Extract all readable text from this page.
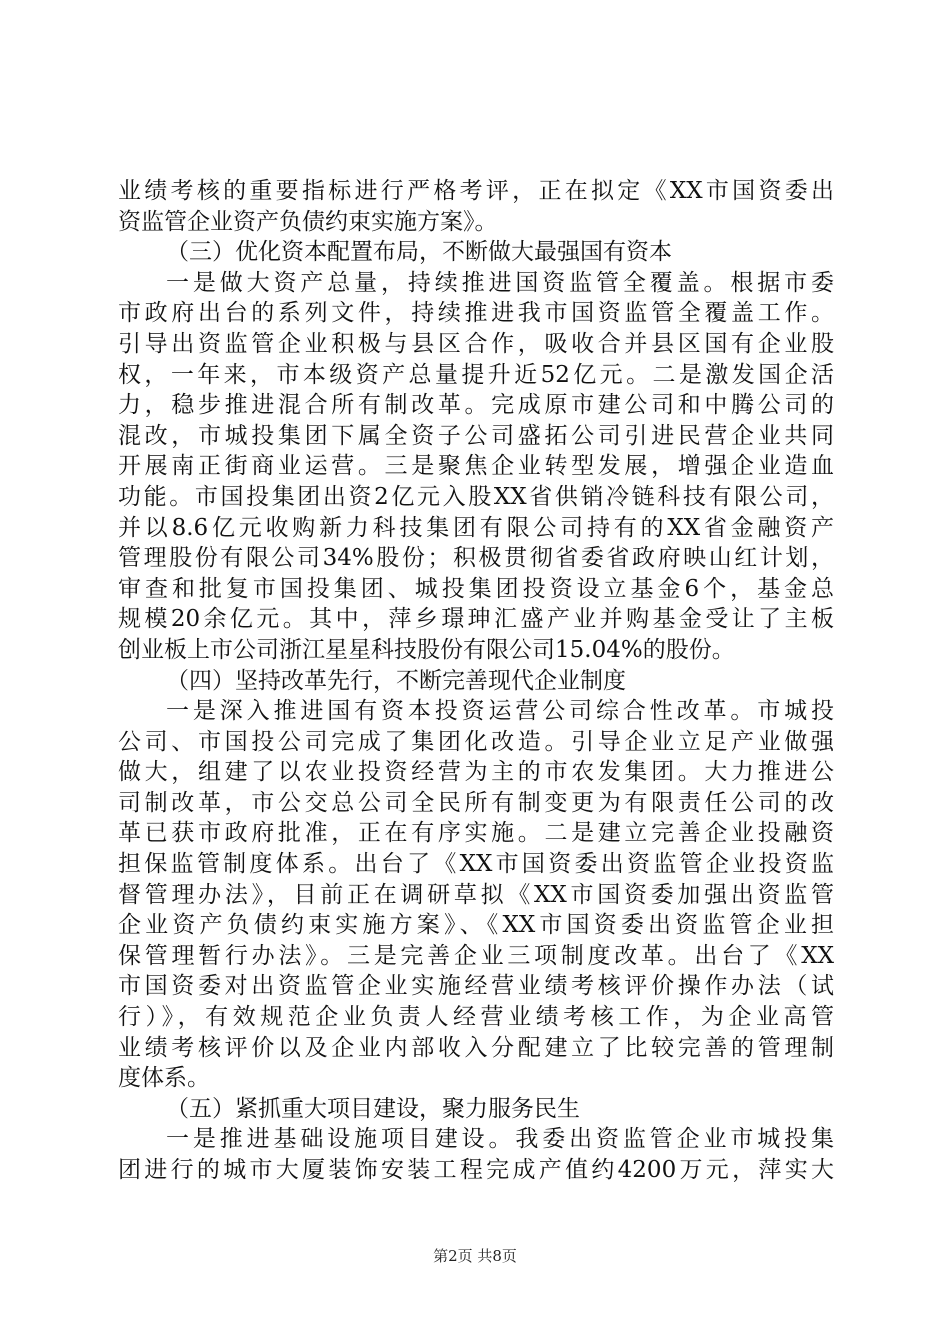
业绩考核的重要指标进行严格考评，正在拟定《XX市国资委出
资监管企业资产负债约束实施方案》。
（三）优化资本配置布局，不断做大最强国有资本
一是做大资产总量，持续推进国资监管全覆盖。根据市委
市政府出台的系列文件，持续推进我市国资监管全覆盖工作。
引导出资监管企业积极与县区合作，吸收合并县区国有企业股
权，一年来，市本级资产总量提升近52亿元。二是激发国企活
力，稳步推进混合所有制改革。完成原市建公司和中腾公司的
混改，市城投集团下属全资子公司盛拓公司引进民营企业共同
开展南正街商业运营。三是聚焦企业转型发展，增强企业造血
功能。市国投集团出资2亿元入股XX省供销冷链科技有限公司，
并以8.6亿元收购新力科技集团有限公司持有的XX省金融资产
管理股份有限公司34%股份；积极贯彻省委省政府映山红计划，
审查和批复市国投集团、城投集团投资设立基金6个，基金总
规模20余亿元。其中，萍乡璟珅汇盛产业并购基金受让了主板
创业板上市公司浙江星星科技股份有限公司15.04%的股份。
（四）坚持改革先行，不断完善现代企业制度
一是深入推进国有资本投资运营公司综合性改革。市城投
公司、市国投公司完成了集团化改造。引导企业立足产业做强
做大，组建了以农业投资经营为主的市农发集团。大力推进公
司制改革，市公交总公司全民所有制变更为有限责任公司的改
革已获市政府批准，正在有序实施。二是建立完善企业投融资
担保监管制度体系。出台了《XX市国资委出资监管企业投资监
督管理办法》，目前正在调研草拟《XX市国资委加强出资监管
企业资产负债约束实施方案》、《XX市国资委出资监管企业担
保管理暂行办法》。三是完善企业三项制度改革。出台了《XX
市国资委对出资监管企业实施经营业绩考核评价操作办法（试
行）》，有效规范企业负责人经营业绩考核工作，为企业高管
业绩考核评价以及企业内部收入分配建立了比较完善的管理制
度体系。
（五）紧抓重大项目建设，聚力服务民生
一是推进基础设施项目建设。我委出资监管企业市城投集
团进行的城市大厦装饰安装工程完成产值约4200万元，萍实大
第2页 共8页
